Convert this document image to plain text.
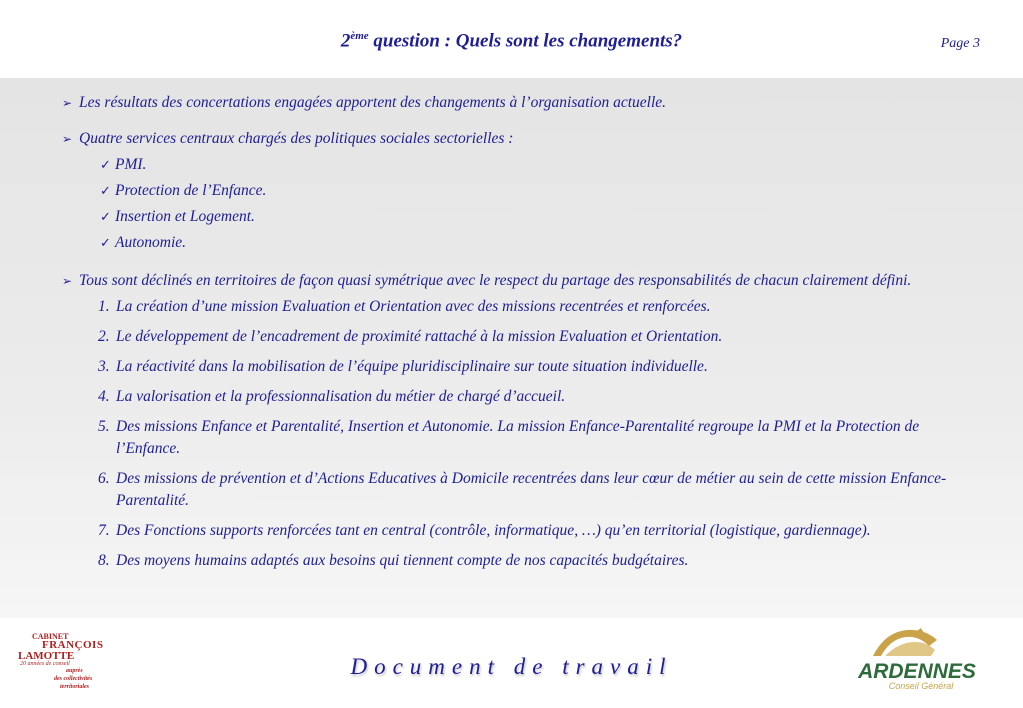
2ème question : Quels sont les changements?	Page 3

➢ Les résultats des concertations engagées apportent des changements à l’organisation actuelle.

➢ Quatre services centraux chargés des politiques sociales sectorielles :

✓ PMI.
✓ Protection de l’Enfance.
✓ Insertion et Logement.
✓ Autonomie.

➢ Tous sont déclinés en territoires de façon quasi symétrique avec le respect du partage des responsabilités de chacun clairement défini.

1. La création d’une mission Evaluation et Orientation avec des missions recentrées et renforcées.
2. Le développement de l’encadrement de proximité rattaché à la mission Evaluation et Orientation.
3. La réactivité dans la mobilisation de l’équipe pluridisciplinaire sur toute situation individuelle.
4. La valorisation et la professionnalisation du métier de chargé d’accueil.
5. Des missions Enfance et Parentalité, Insertion et Autonomie. La mission Enfance-Parentalité regroupe la PMI et la Protection de l’Enfance.
6. Des missions de prévention et d’Actions Educatives à Domicile recentrées dans leur cœur de métier au sein de cette mission Enfance-Parentalité.
7. Des Fonctions supports renforcées tant en central (contrôle, informatique, …) qu’en territorial (logistique, gardiennage).
8. Des moyens humains adaptés aux besoins qui tiennent compte de nos capacités budgétaires.
CABINET
FRANÇOIS
LAMOTTE
20 années de conseil
auprès
des collectivités
territoriales
Document de travail	ARDENNES
Conseil Général
